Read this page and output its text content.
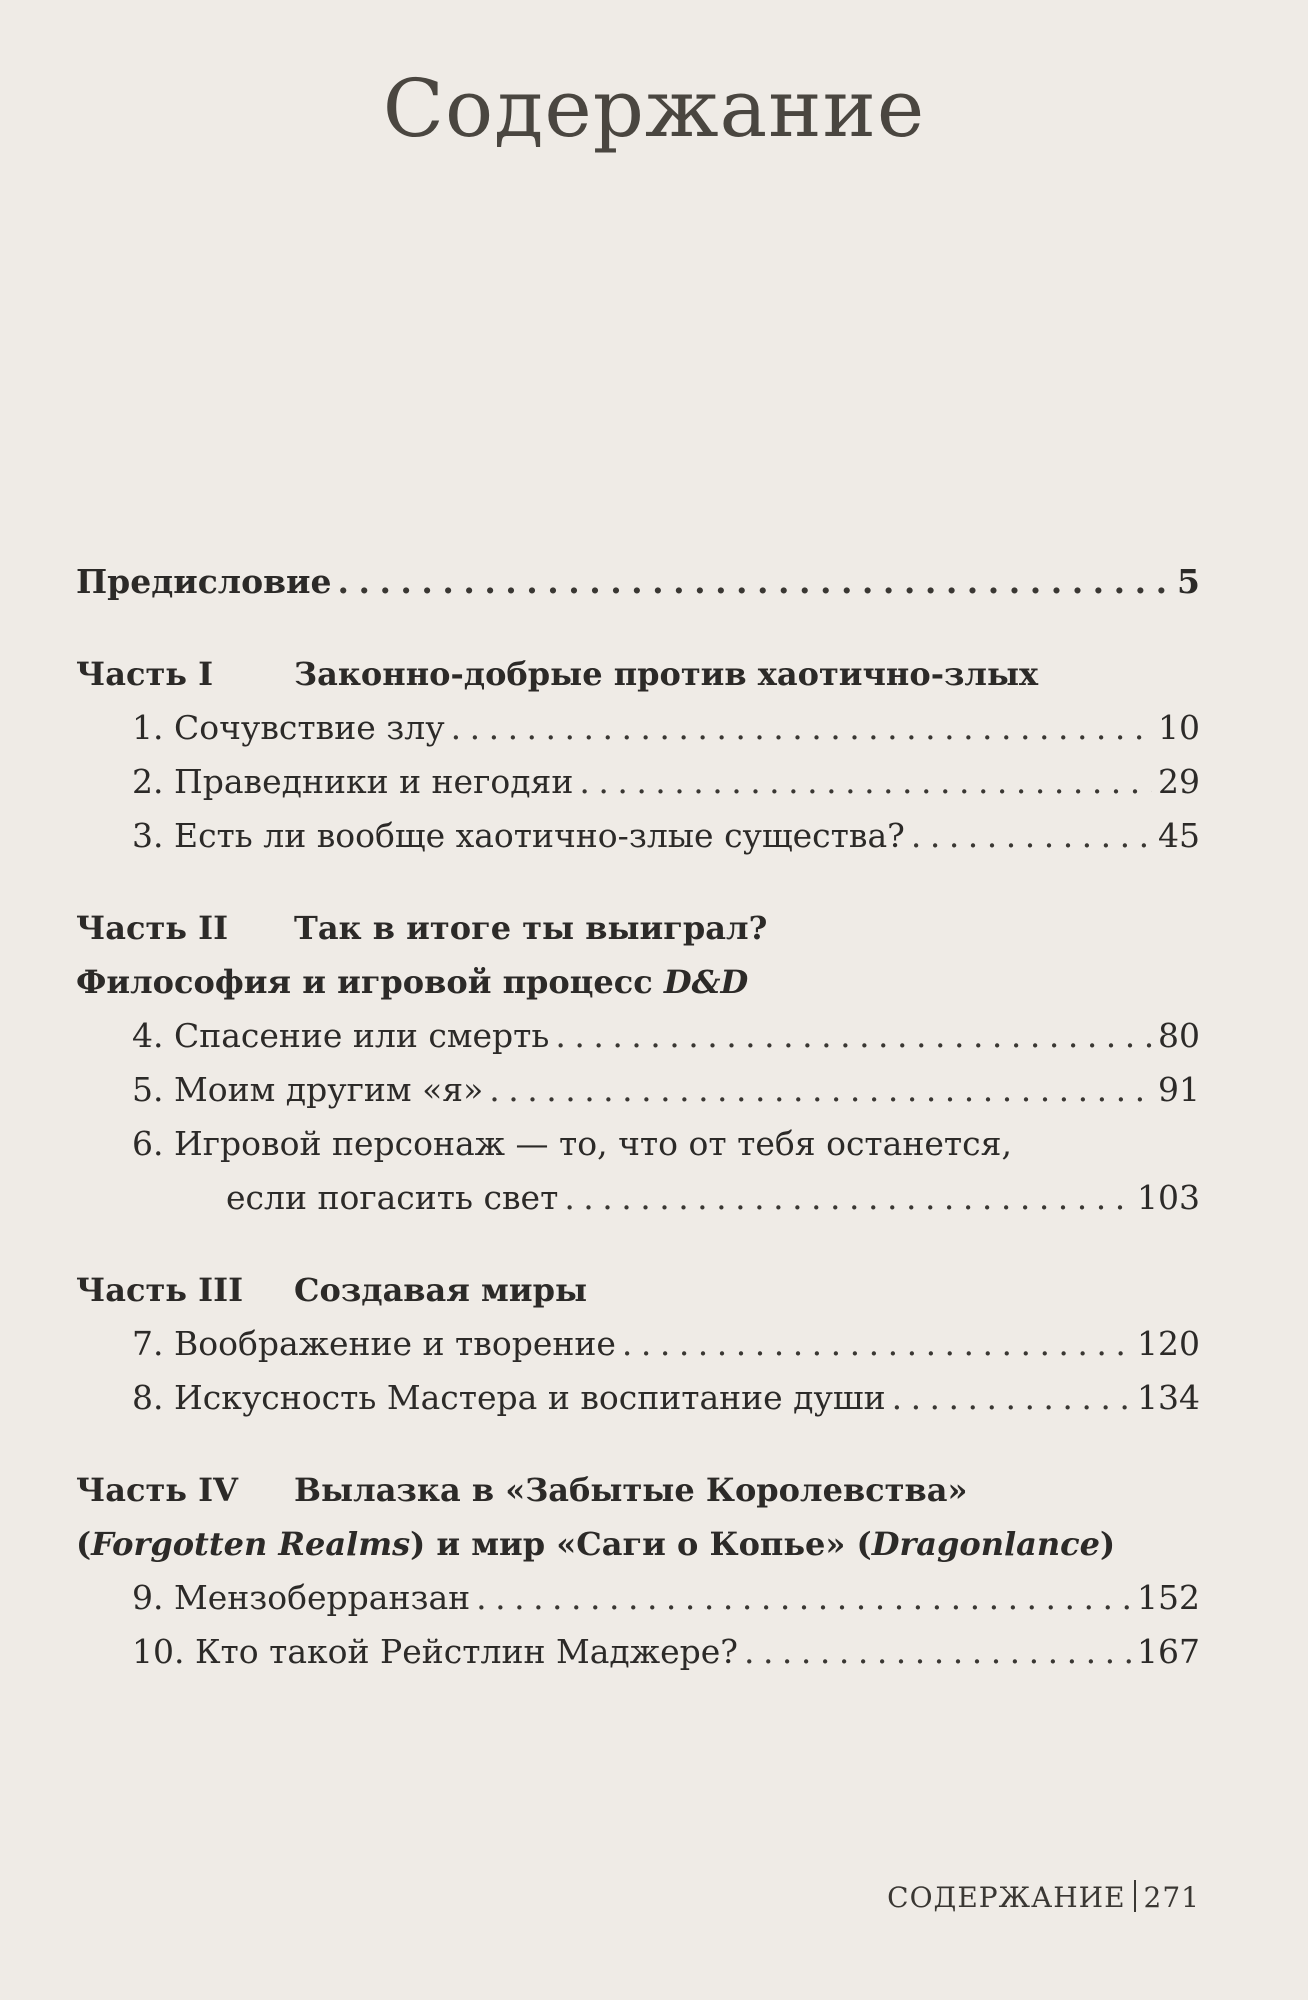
Содержание
Предисловие . . .	5
Часть I	Законно-добрые против хаотично-злых
1. Сочувствие злу . . .	10
2. Праведники и негодяи . . .	29
3. Есть ли вообще хаотично-злые существа? . . .	45
Часть II	Так в итоге ты выиграл?
Философия и игровой процесс D&D
4. Спасение или смерть . . .	80
5. Моим другим «я» . . .	91
6. Игровой персонаж — то, что от тебя останется,
если погасить свет . . .	103
Часть III	Создавая миры
7. Воображение и творение . . .	120
8. Искусность Мастера и воспитание души . . .	134
Часть IV	Вылазка в «Забытые Королевства»
(Forgotten Realms) и мир «Саги о Копье» (Dragonlance)
9. Мензоберранзан . . .	152
10. Кто такой Рейстлин Маджере? . . .	167
СОДЕРЖАНИЕ 271
